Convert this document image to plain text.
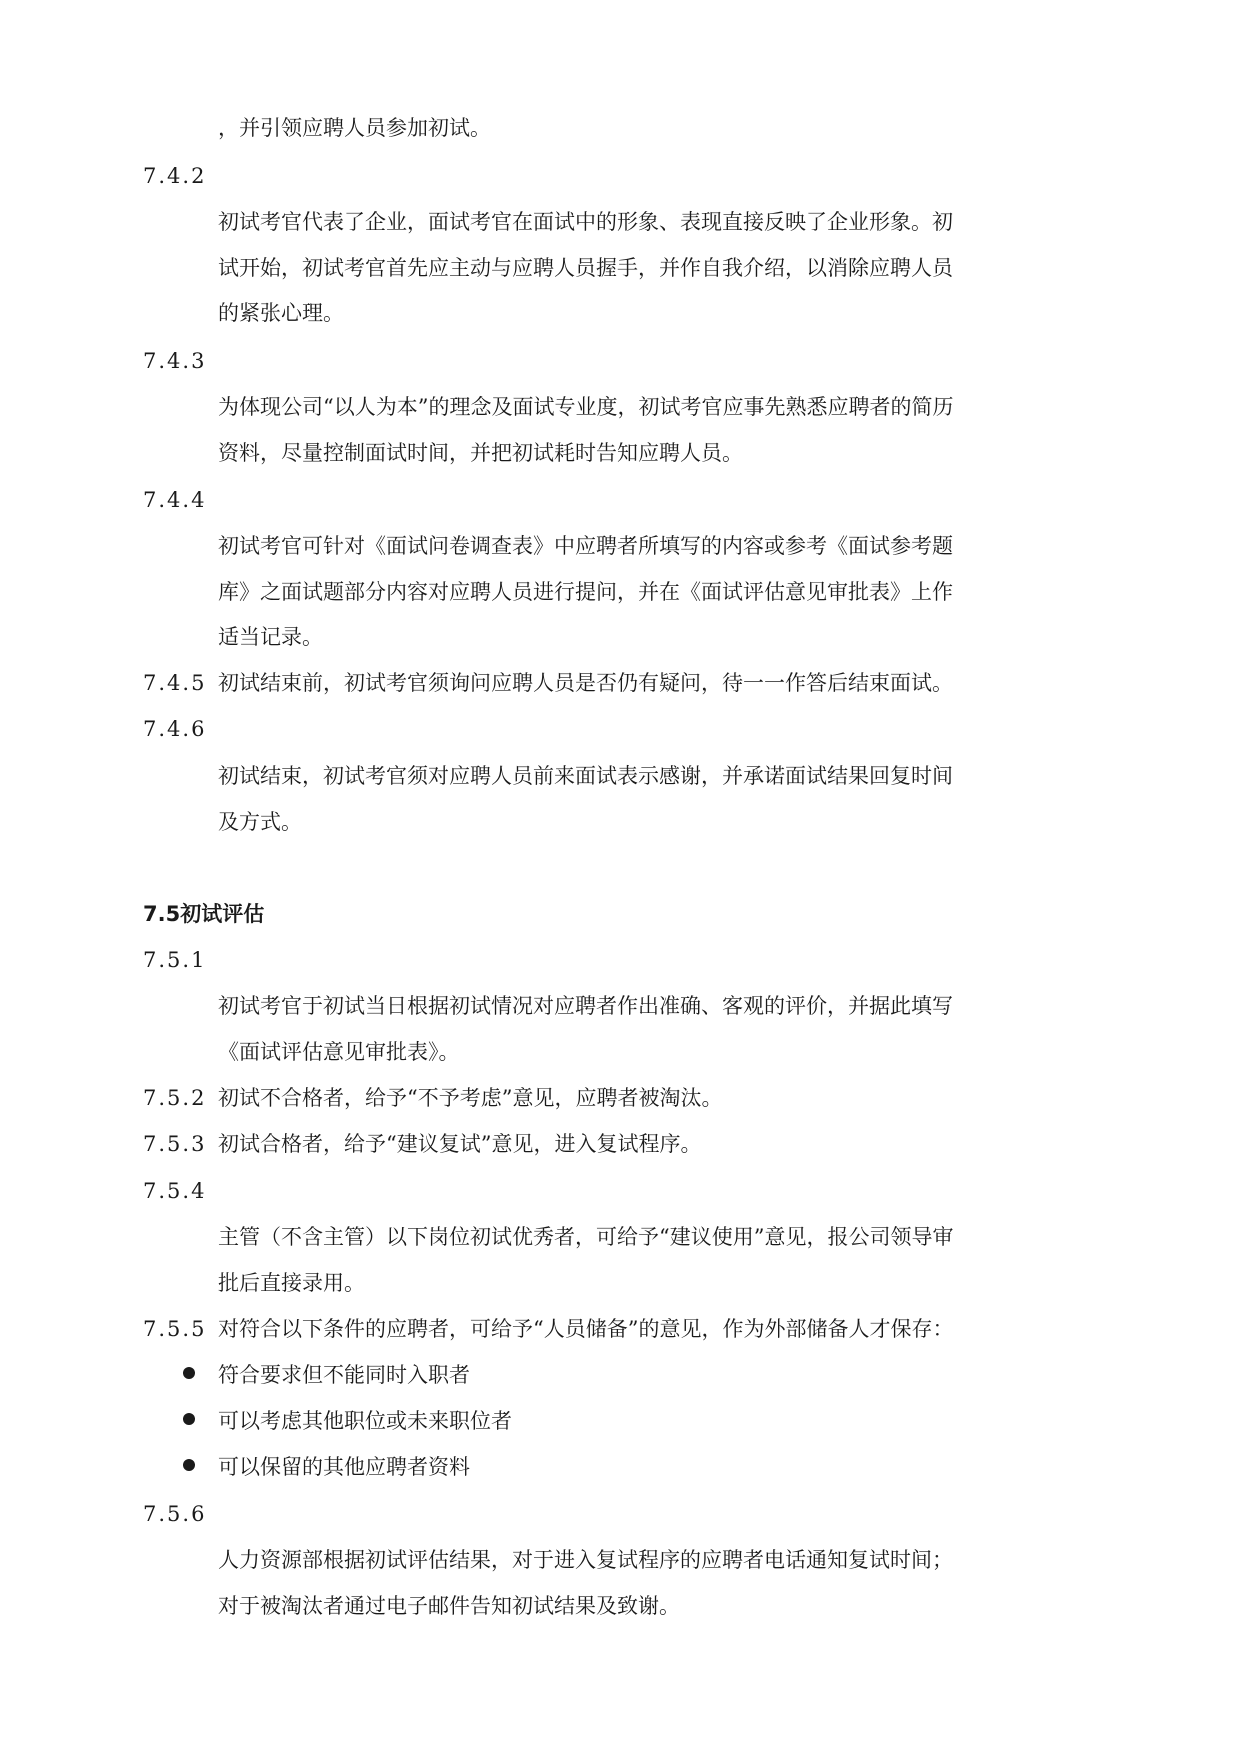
，并引领应聘人员参加初试。
7.4.2
初试考官代表了企业，面试考官在面试中的形象、表现直接反映了企业形象。初
试开始，初试考官首先应主动与应聘人员握手，并作自我介绍，以消除应聘人员
的紧张心理。
7.4.3
为体现公司“以人为本”的理念及面试专业度，初试考官应事先熟悉应聘者的简历
资料，尽量控制面试时间，并把初试耗时告知应聘人员。
7.4.4
初试考官可针对《面试问卷调查表》中应聘者所填写的内容或参考《面试参考题
库》之面试题部分内容对应聘人员进行提问，并在《面试评估意见审批表》上作
适当记录。
7.4.5 初试结束前，初试考官须询问应聘人员是否仍有疑问，待一一作答后结束面试。
7.4.6
初试结束，初试考官须对应聘人员前来面试表示感谢，并承诺面试结果回复时间
及方式。
7.5初试评估
7.5.1
初试考官于初试当日根据初试情况对应聘者作出准确、客观的评价，并据此填写
《面试评估意见审批表》。
7.5.2 初试不合格者，给予“不予考虑”意见，应聘者被淘汰。
7.5.3 初试合格者，给予“建议复试”意见，进入复试程序。
7.5.4
主管（不含主管）以下岗位初试优秀者，可给予“建议使用”意见，报公司领导审
批后直接录用。
7.5.5 对符合以下条件的应聘者，可给予“人员储备”的意见，作为外部储备人才保存：
符合要求但不能同时入职者
可以考虑其他职位或未来职位者
可以保留的其他应聘者资料
7.5.6
人力资源部根据初试评估结果，对于进入复试程序的应聘者电话通知复试时间；
对于被淘汰者通过电子邮件告知初试结果及致谢。
